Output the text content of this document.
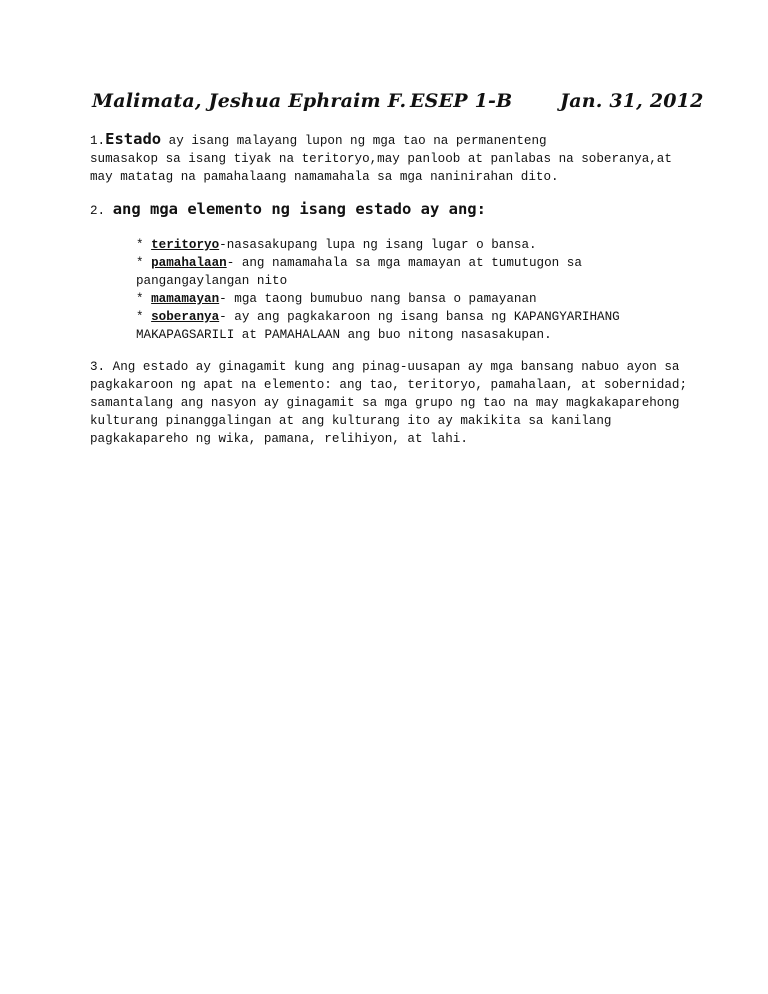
Malimata, Jeshua Ephraim F. ESEP 1-B	Jan. 31, 2012

1.Estado ay isang malayang lupon ng mga tao na permanenteng
sumasakop sa isang tiyak na teritoryo,may panloob at panlabas na soberanya,at may matatag na pamahalaang namamahala sa mga naninirahan dito.

2. ang mga elemento ng isang estado ay ang:

* teritoryo-nasasakupang lupa ng isang lugar o bansa.

* pamahalaan- ang namamahala sa mga mamayan at tumutugon sa pangangaylangan nito

* mamamayan- mga taong bumubuo nang bansa o pamayanan

* soberanya- ay ang pagkakaroon ng isang bansa ng KAPANGYARIHANG MAKAPAGSARILI at PAMAHALAAN ang buo nitong nasasakupan.

3. Ang estado ay ginagamit kung ang pinag-uusapan ay mga bansang nabuo ayon sa pagkakaroon ng apat na elemento: ang tao, teritoryo, pamahalaan, at sobernidad; samantalang ang nasyon ay ginagamit sa mga grupo ng tao na may magkakaparehong kulturang pinanggalingan at ang kulturang ito ay makikita sa kanilang pagkakapareho ng wika, pamana, relihiyon, at lahi.
